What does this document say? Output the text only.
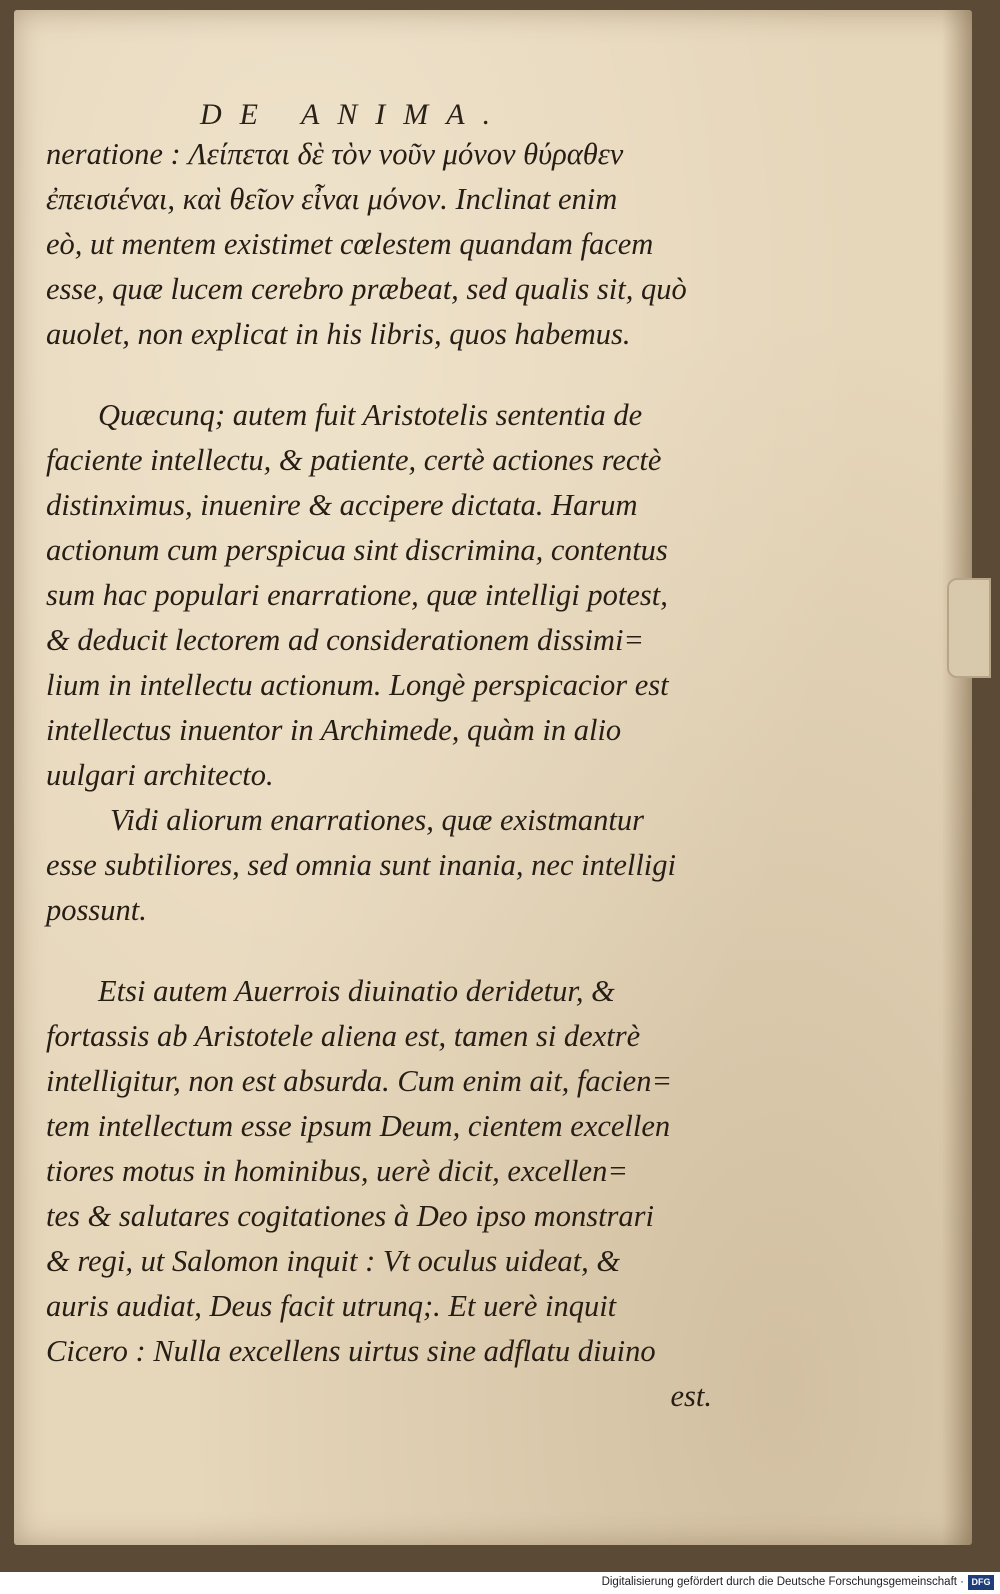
DE ANIMA.
neratione : Λείπεται δὲ τὸν νοῦν μόνον θύραθεν
ἐπεισιέναι, καὶ θεῖον εἶναι μόνον. Inclinat enim
eò, ut mentem existimet cœlestem quandam facem
esse, quæ lucem cerebro præbeat, sed qualis sit, quò
auolet, non explicat in his libris, quos habemus.
Quæcunq; autem fuit Aristotelis sententia de
faciente intellectu, & patiente, certè actiones rectè
distinximus, inuenire & accipere dictata. Harum
actionum cum perspicua sint discrimina, contentus
sum hac populari enarratione, quæ intelligi potest,
& deducit lectorem ad considerationem dissimi=
lium in intellectu actionum. Longè perspicacior est
intellectus inuentor in Archimede, quàm in alio
uulgari architecto.
Vidi aliorum enarrationes, quæ existmantur
esse subtiliores, sed omnia sunt inania, nec intelligi
possunt.
Etsi autem Auerrois diuinatio deridetur, &
fortassis ab Aristotele aliena est, tamen si dextrè
intelligitur, non est absurda. Cum enim ait, facien=
tem intellectum esse ipsum Deum, cientem excellen
tiores motus in hominibus, uerè dicit, excellen=
tes & salutares cogitationes à Deo ipso monstrari
& regi, ut Salomon inquit : Vt oculus uideat, &
auris audiat, Deus facit utrunq;. Et uerè inquit
Cicero : Nulla excellens uirtus sine adflatu diuino
est.
Digitalisierung gefördert durch die Deutsche Forschungsgemeinschaft · DFG
